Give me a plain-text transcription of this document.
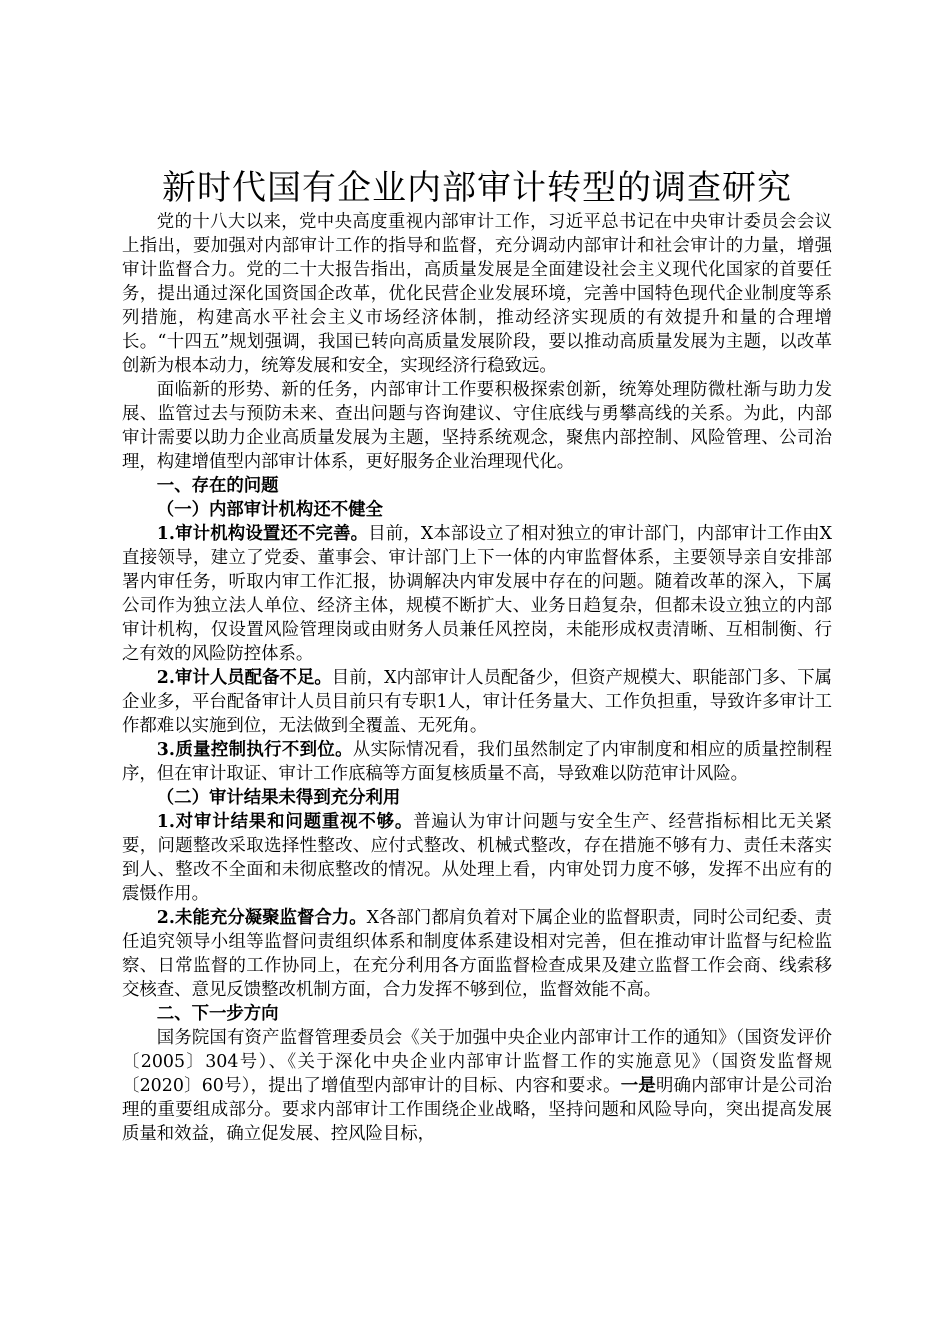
新时代国有企业内部审计转型的调查研究

党的十八大以来，党中央高度重视内部审计工作，习近平总书记在中央审计委员会会议上指出，要加强对内部审计工作的指导和监督，充分调动内部审计和社会审计的力量，增强审计监督合力。党的二十大报告指出，高质量发展是全面建设社会主义现代化国家的首要任务，提出通过深化国资国企改革，优化民营企业发展环境，完善中国特色现代企业制度等系列措施，构建高水平社会主义市场经济体制，推动经济实现质的有效提升和量的合理增长。“十四五”规划强调，我国已转向高质量发展阶段，要以推动高质量发展为主题，以改革创新为根本动力，统筹发展和安全，实现经济行稳致远。

面临新的形势、新的任务，内部审计工作要积极探索创新，统筹处理防微杜渐与助力发展、监管过去与预防未来、查出问题与咨询建议、守住底线与勇攀高线的关系。为此，内部审计需要以助力企业高质量发展为主题，坚持系统观念，聚焦内部控制、风险管理、公司治理，构建增值型内部审计体系，更好服务企业治理现代化。

一、存在的问题

（一）内部审计机构还不健全

1.审计机构设置还不完善。目前，X本部设立了相对独立的审计部门，内部审计工作由X直接领导，建立了党委、董事会、审计部门上下一体的内审监督体系，主要领导亲自安排部署内审任务，听取内审工作汇报，协调解决内审发展中存在的问题。随着改革的深入，下属公司作为独立法人单位、经济主体，规模不断扩大、业务日趋复杂，但都未设立独立的内部审计机构，仅设置风险管理岗或由财务人员兼任风控岗，未能形成权责清晰、互相制衡、行之有效的风险防控体系。

2.审计人员配备不足。目前，X内部审计人员配备少，但资产规模大、职能部门多、下属企业多，平台配备审计人员目前只有专职1人，审计任务量大、工作负担重，导致许多审计工作都难以实施到位，无法做到全覆盖、无死角。

3.质量控制执行不到位。从实际情况看，我们虽然制定了内审制度和相应的质量控制程序，但在审计取证、审计工作底稿等方面复核质量不高，导致难以防范审计风险。

（二）审计结果未得到充分利用

1.对审计结果和问题重视不够。普遍认为审计问题与安全生产、经营指标相比无关紧要，问题整改采取选择性整改、应付式整改、机械式整改，存在措施不够有力、责任未落实到人、整改不全面和未彻底整改的情况。从处理上看，内审处罚力度不够，发挥不出应有的震慑作用。

2.未能充分凝聚监督合力。X各部门都肩负着对下属企业的监督职责，同时公司纪委、责任追究领导小组等监督问责组织体系和制度体系建设相对完善，但在推动审计监督与纪检监察、日常监督的工作协同上，在充分利用各方面监督检查成果及建立监督工作会商、线索移交核查、意见反馈整改机制方面，合力发挥不够到位，监督效能不高。

二、下一步方向

国务院国有资产监督管理委员会《关于加强中央企业内部审计工作的通知》（国资发评价〔2005〕304号）、《关于深化中央企业内部审计监督工作的实施意见》（国资发监督规〔2020〕60号），提出了增值型内部审计的目标、内容和要求。一是明确内部审计是公司治理的重要组成部分。要求内部审计工作围绕企业战略，坚持问题和风险导向，突出提高发展质量和效益，确立促发展、控风险目标，
